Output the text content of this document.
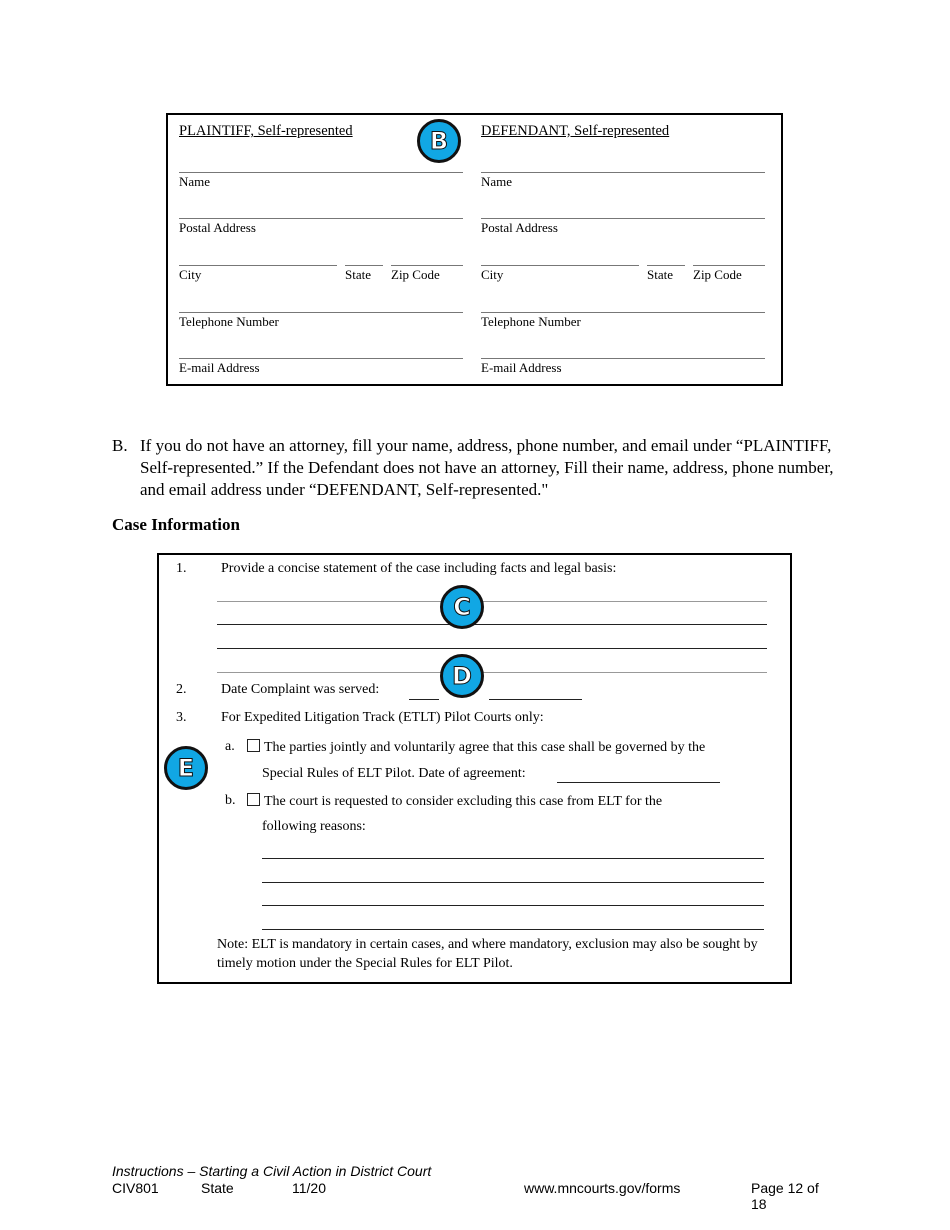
PLAINTIFF, Self-represented
Name
Postal Address
City	State	Zip Code
Telephone Number
E-mail Address
DEFENDANT, Self-represented
Name
Postal Address
City	State	Zip Code
Telephone Number
E-mail Address
B
B. If you do not have an attorney, fill your name, address, phone number, and email under “PLAINTIFF, Self-represented.” If the Defendant does not have an attorney, Fill their name, address, phone number, and email address under “DEFENDANT, Self-represented."
Case Information
1. Provide a concise statement of the case including facts and legal basis:
2. Date Complaint was served:
3. For Expedited Litigation Track (ETLT) Pilot Courts only:
a.	The parties jointly and voluntarily agree that this case shall be governed by the
Special Rules of ELT Pilot. Date of agreement:
b.	The court is requested to consider excluding this case from ELT for the
following reasons:
Note: ELT is mandatory in certain cases, and where mandatory, exclusion may also be sought by timely motion under the Special Rules for ELT Pilot.
C
D
E
Instructions – Starting a Civil Action in District Court
CIV801	State	11/20	www.mncourts.gov/forms	Page 12 of 18
